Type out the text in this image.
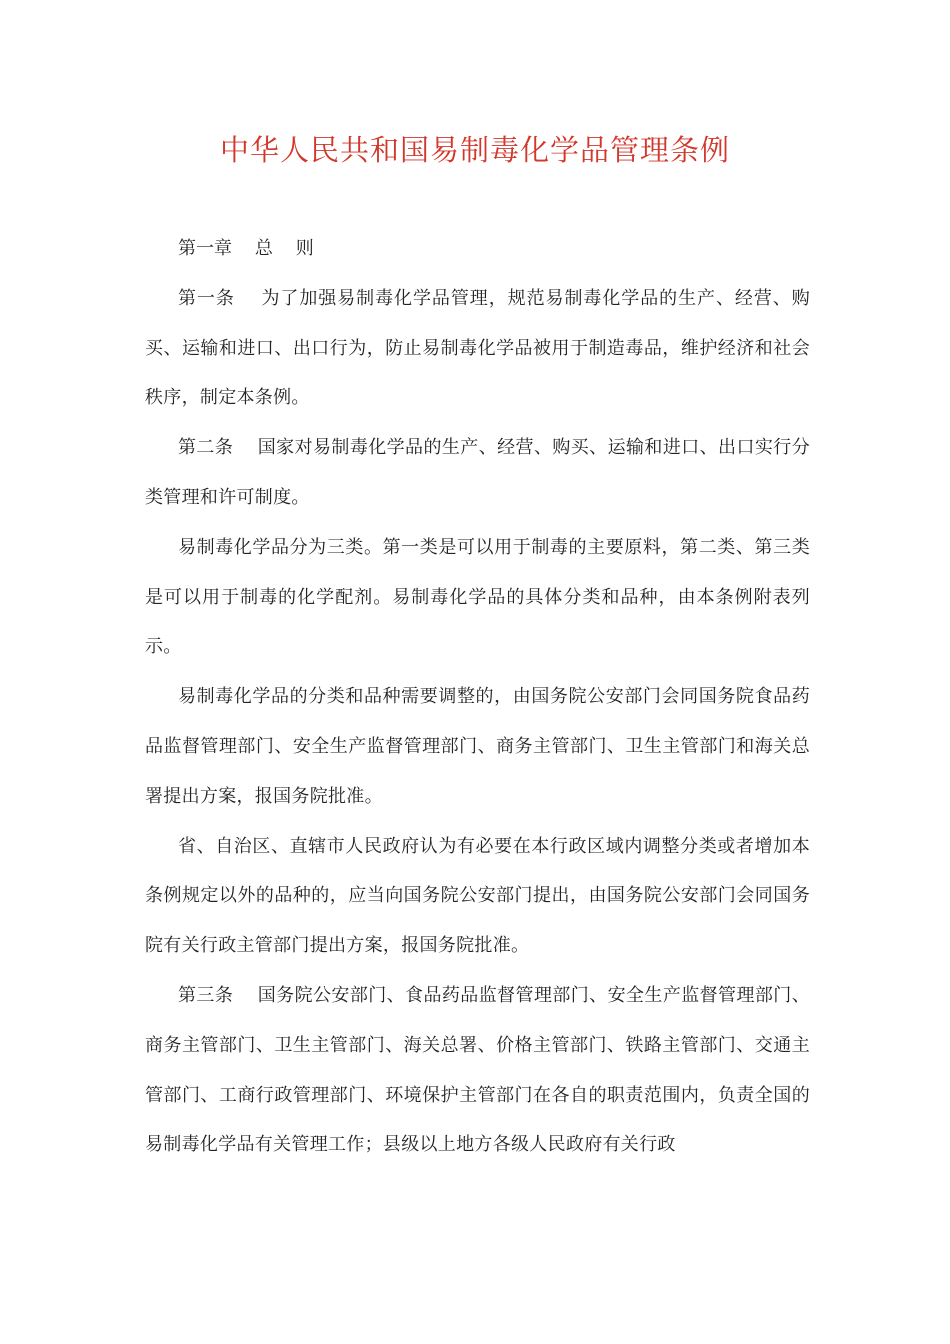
中华人民共和国易制毒化学品管理条例

第一章    总    则

第一条    为了加强易制毒化学品管理，规范易制毒化学品的生产、经营、购买、运输和进口、出口行为，防止易制毒化学品被用于制造毒品，维护经济和社会秩序，制定本条例。

第二条    国家对易制毒化学品的生产、经营、购买、运输和进口、出口实行分类管理和许可制度。

易制毒化学品分为三类。第一类是可以用于制毒的主要原料，第二类、第三类是可以用于制毒的化学配剂。易制毒化学品的具体分类和品种，由本条例附表列示。

易制毒化学品的分类和品种需要调整的，由国务院公安部门会同国务院食品药品监督管理部门、安全生产监督管理部门、商务主管部门、卫生主管部门和海关总署提出方案，报国务院批准。

省、自治区、直辖市人民政府认为有必要在本行政区域内调整分类或者增加本条例规定以外的品种的，应当向国务院公安部门提出，由国务院公安部门会同国务院有关行政主管部门提出方案，报国务院批准。

第三条    国务院公安部门、食品药品监督管理部门、安全生产监督管理部门、商务主管部门、卫生主管部门、海关总署、价格主管部门、铁路主管部门、交通主管部门、工商行政管理部门、环境保护主管部门在各自的职责范围内，负责全国的易制毒化学品有关管理工作；县级以上地方各级人民政府有关行政
